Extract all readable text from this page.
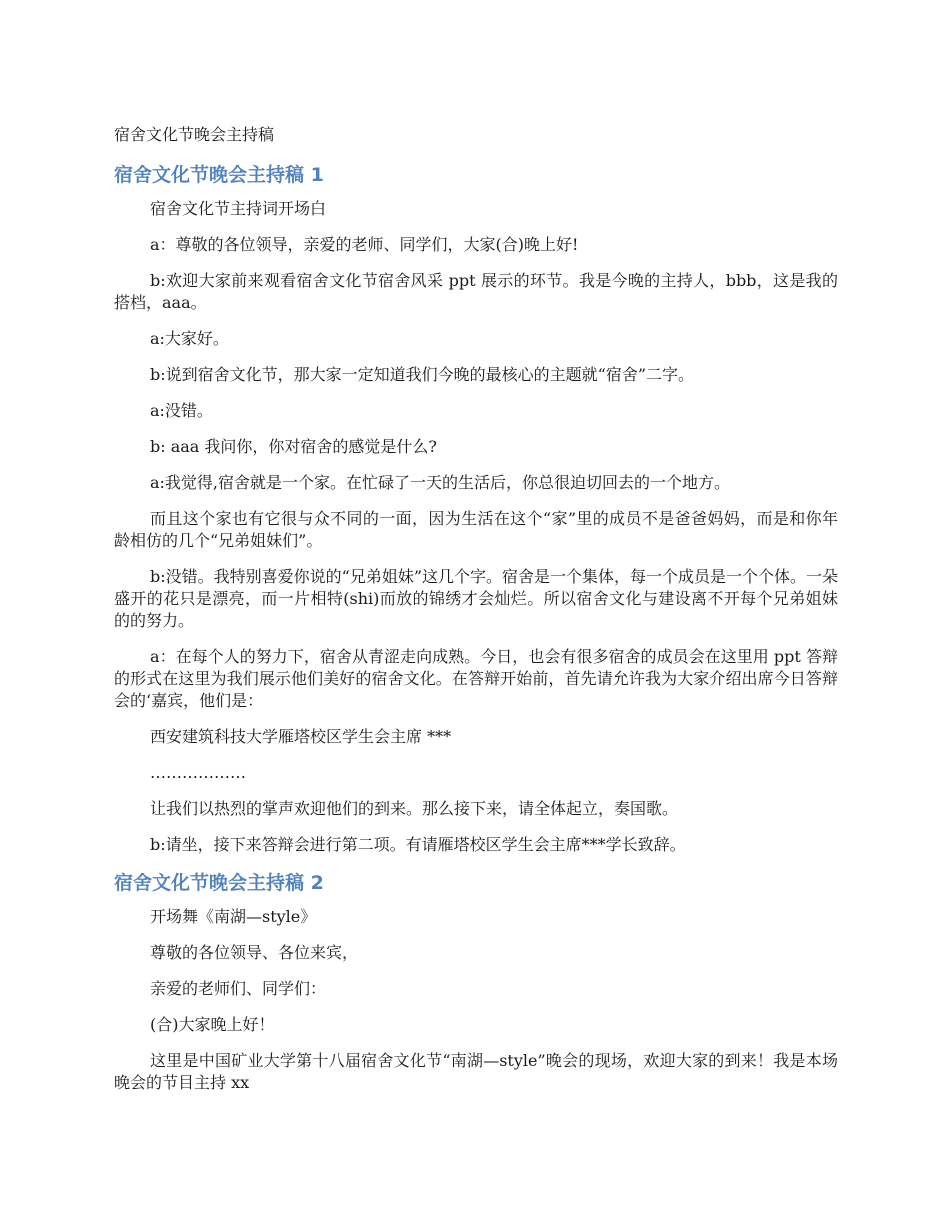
宿舍文化节晚会主持稿
宿舍文化节晚会主持稿 1

宿舍文化节主持词开场白

a：尊敬的各位领导，亲爱的老师、同学们，大家(合)晚上好!

b:欢迎大家前来观看宿舍文化节宿舍风采 ppt 展示的环节。我是今晚的主持人，bbb，这是我的搭档，aaa。

a:大家好。

b:说到宿舍文化节，那大家一定知道我们今晚的最核心的主题就“宿舍”二字。

a:没错。

b: aaa 我问你，你对宿舍的感觉是什么?

a:我觉得,宿舍就是一个家。在忙碌了一天的生活后，你总很迫切回去的一个地方。

而且这个家也有它很与众不同的一面，因为生活在这个“家”里的成员不是爸爸妈妈，而是和你年龄相仿的几个“兄弟姐妹们”。

b:没错。我特别喜爱你说的“兄弟姐妹”这几个字。宿舍是一个集体，每一个成员是一个个体。一朵盛开的花只是漂亮，而一片相特(shi)而放的锦绣才会灿烂。所以宿舍文化与建设离不开每个兄弟姐妹的的努力。

a：在每个人的努力下，宿舍从青涩走向成熟。今日，也会有很多宿舍的成员会在这里用 ppt 答辩的形式在这里为我们展示他们美好的宿舍文化。在答辩开始前，首先请允许我为大家介绍出席今日答辩会的‘嘉宾，他们是：

西安建筑科技大学雁塔校区学生会主席 ***

………………

让我们以热烈的掌声欢迎他们的到来。那么接下来，请全体起立，奏国歌。

b:请坐，接下来答辩会进行第二项。有请雁塔校区学生会主席***学长致辞。

宿舍文化节晚会主持稿 2

开场舞《南湖—style》

尊敬的各位领导、各位来宾，

亲爱的老师们、同学们：

(合)大家晚上好！

这里是中国矿业大学第十八届宿舍文化节“南湖—style”晚会的现场，欢迎大家的到来！我是本场晚会的节目主持 xx
